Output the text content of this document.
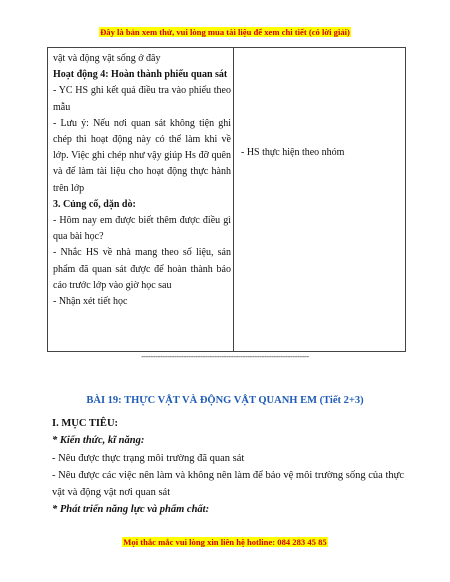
Đây là bản xem thử, vui lòng mua tài liệu để xem chi tiết (có lời giải)

vật và động vật sống ở đây

Hoạt động 4: Hoàn thành phiếu quan sát

- YC HS ghi kết quả điều tra vào phiếu theo mẫu

- Lưu ý: Nếu nơi quan sát không tiện ghi chép thì hoạt động này có thể làm khi về lớp. Việc ghi chép như vậy giúp Hs đỡ quên và để làm tài liệu cho hoạt động thực hành trên lớp

3. Củng cố, dặn dò:

- Hôm nay em được biết thêm được điều gì qua bài học?

- Nhắc HS về nhà mang theo số liệu, sản phẩm đã quan sát được để hoàn thành báo cáo trước lớp vào giờ học sau

- Nhận xét tiết học

- HS thực hiện theo nhóm
-----------------------------------------------------------------------
BÀI 19: THỰC VẬT VÀ ĐỘNG VẬT QUANH EM (Tiết 2+3)

I. MỤC TIÊU:

* Kiến thức, kĩ năng:

- Nêu được thực trạng môi trường đã quan sát

- Nêu được các việc nên làm và không nên làm để bảo vệ môi trường sống của thực vật và động vật nơi quan sát

* Phát triển năng lực và phẩm chất:

Mọi thắc mắc vui lòng xin liên hệ hotline: 084 283 45 85
